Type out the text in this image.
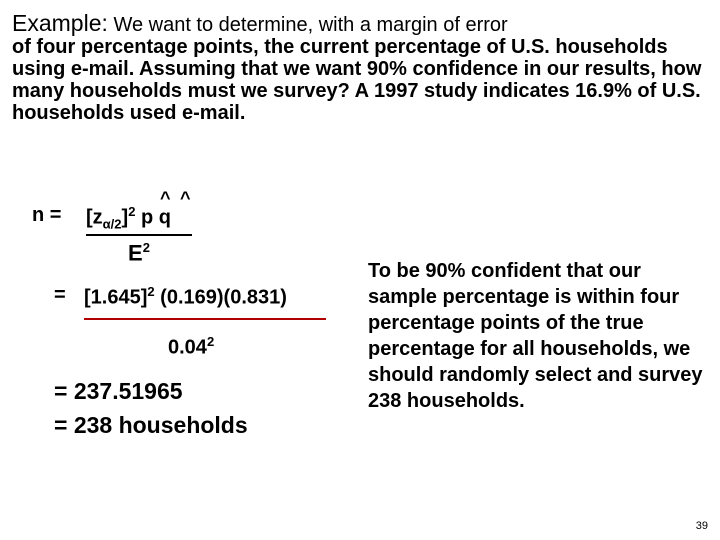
Example: We want to determine, with a margin of error
of four percentage points, the current percentage of U.S. households using e-mail. Assuming that we want 90% confidence in our results, how many households must we survey? A 1997 study indicates 16.9% of U.S. households used e-mail.
$n = [z_{\alpha/2}]^2$ p q
^ ^
$E^2$
= $[1.645]^2$ (0.169)(0.831)
$0.04^2$
= 237.51965
= 238 households
To be 90% confident that our sample percentage is within four percentage points of the true percentage for all households, we should randomly select and survey 238 households.
39
